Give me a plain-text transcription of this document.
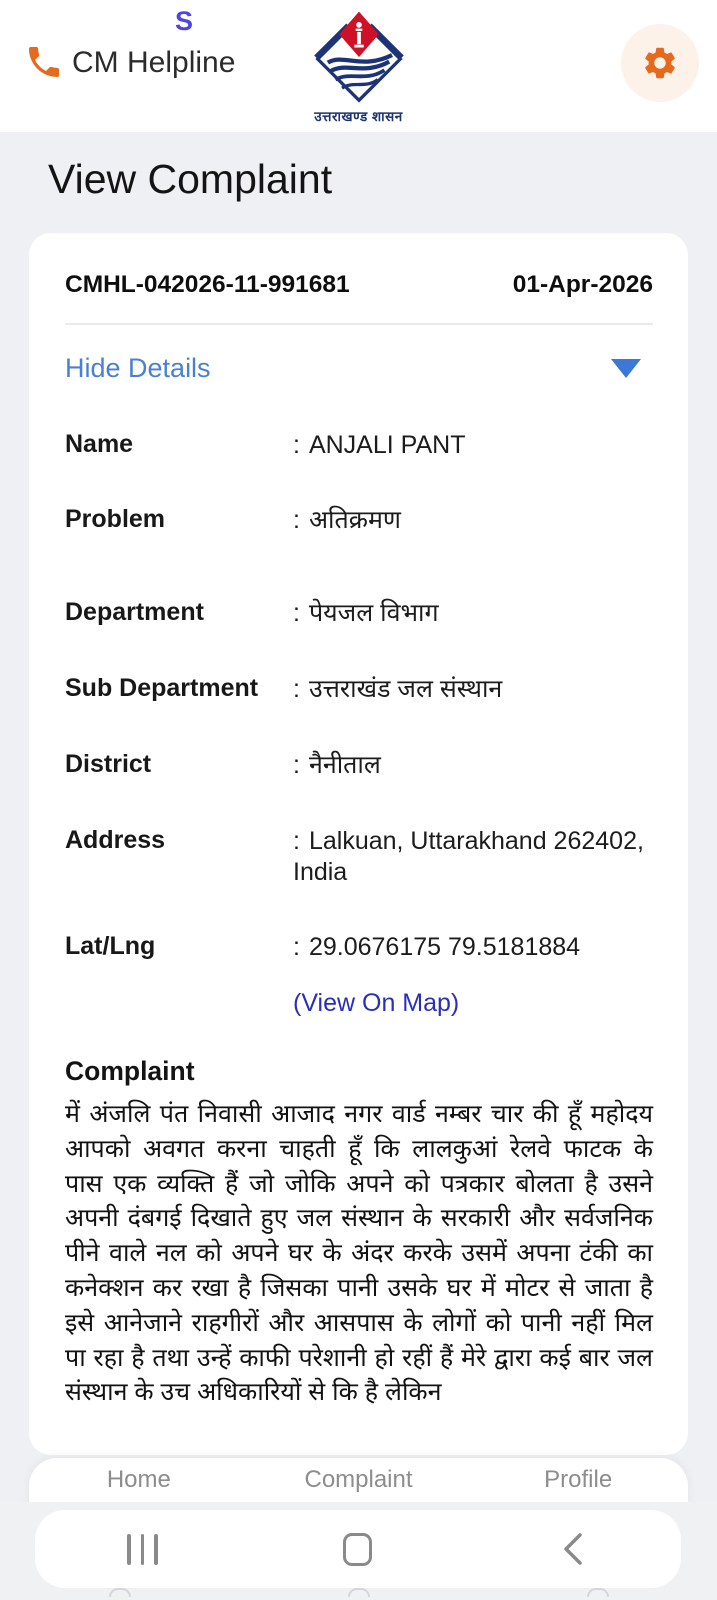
CM Helpline
S
उत्तराखण्ड शासन
View Complaint
CMHL-042026-11-991681	01-Apr-2026
Hide Details
Name	: ANJALI PANT
Problem	: अतिक्रमण
Department	: पेयजल विभाग
Sub Department	: उत्तराखंड जल संस्थान
District	: नैनीताल
Address	: Lalkuan, Uttarakhand 262402, India
Lat/Lng	: 29.0676175 79.5181884
(View On Map)
Complaint
में अंजलि पंत निवासी आजाद नगर वार्ड नम्बर चार की हूँ महोदय
आपको अवगत करना चाहती हूँ कि लालकुआं रेलवे फाटक के
पास एक व्यक्ति हैं जो जोकि अपने को पत्रकार बोलता है उसने
अपनी दंबगई दिखाते हुए जल संस्थान के सरकारी और सर्वजनिक
पीने वाले नल को अपने घर के अंदर करके उसमें अपना टंकी का
कनेक्शन कर रखा है जिसका पानी उसके घर में मोटर से जाता है
इसे आनेजाने राहगीरों और आसपास के लोगों को पानी नहीं मिल
पा रहा है तथा उन्हें काफी परेशानी हो रहीं हैं मेरे द्वारा कई बार जल
संस्थान के उच अधिकारियों से कि है लेकिन
Home	Complaint	Profile
